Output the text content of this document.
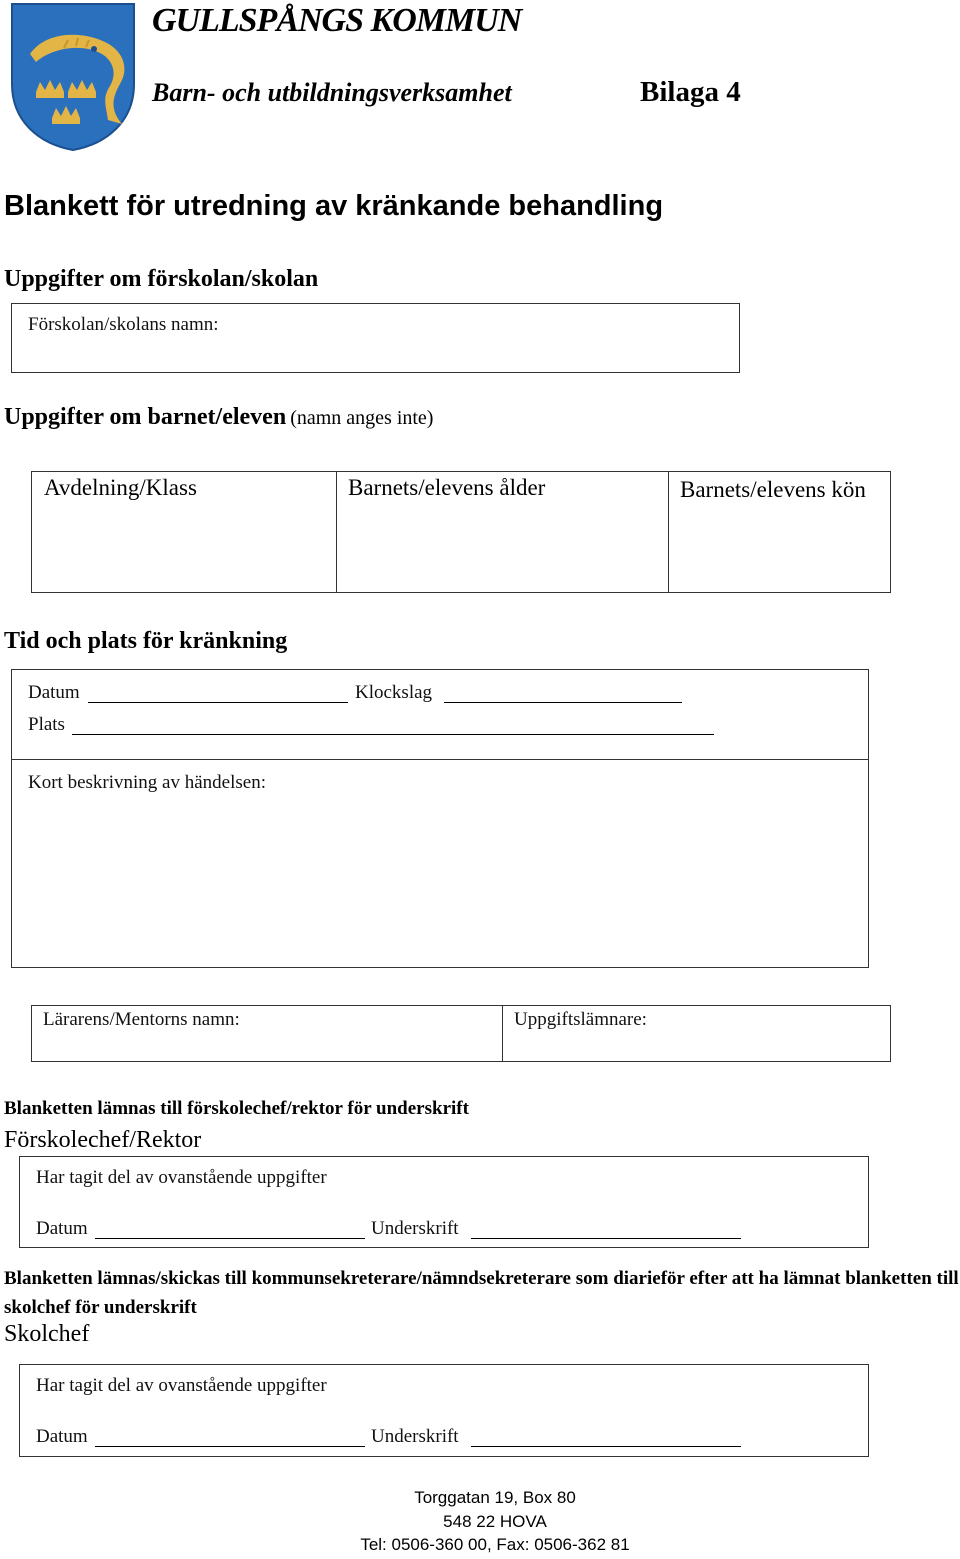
GULLSPÅNGS KOMMUN
Barn- och utbildningsverksamhet	Bilaga 4
Blankett för utredning av kränkande behandling
Uppgifter om förskolan/skolan
Förskolan/skolans namn:
Uppgifter om barnet/eleven (namn anges inte)
Avdelning/Klass	Barnets/elevens ålder	Barnets/elevens kön
Tid och plats för kränkning
Datum	Klockslag
Plats
Kort beskrivning av händelsen:
Lärarens/Mentorns namn:	Uppgiftslämnare:
Blanketten lämnas till förskolechef/rektor för underskrift
Förskolechef/Rektor
Har tagit del av ovanstående uppgifter
Datum	Underskrift
Blanketten lämnas/skickas till kommunsekreterare/nämndsekreterare som diarieför efter att ha lämnat blanketten till skolchef för underskrift
Skolchef
Har tagit del av ovanstående uppgifter
Datum	Underskrift
Torggatan 19, Box 80
548 22 HOVA
Tel: 0506-360 00, Fax: 0506-362 81
